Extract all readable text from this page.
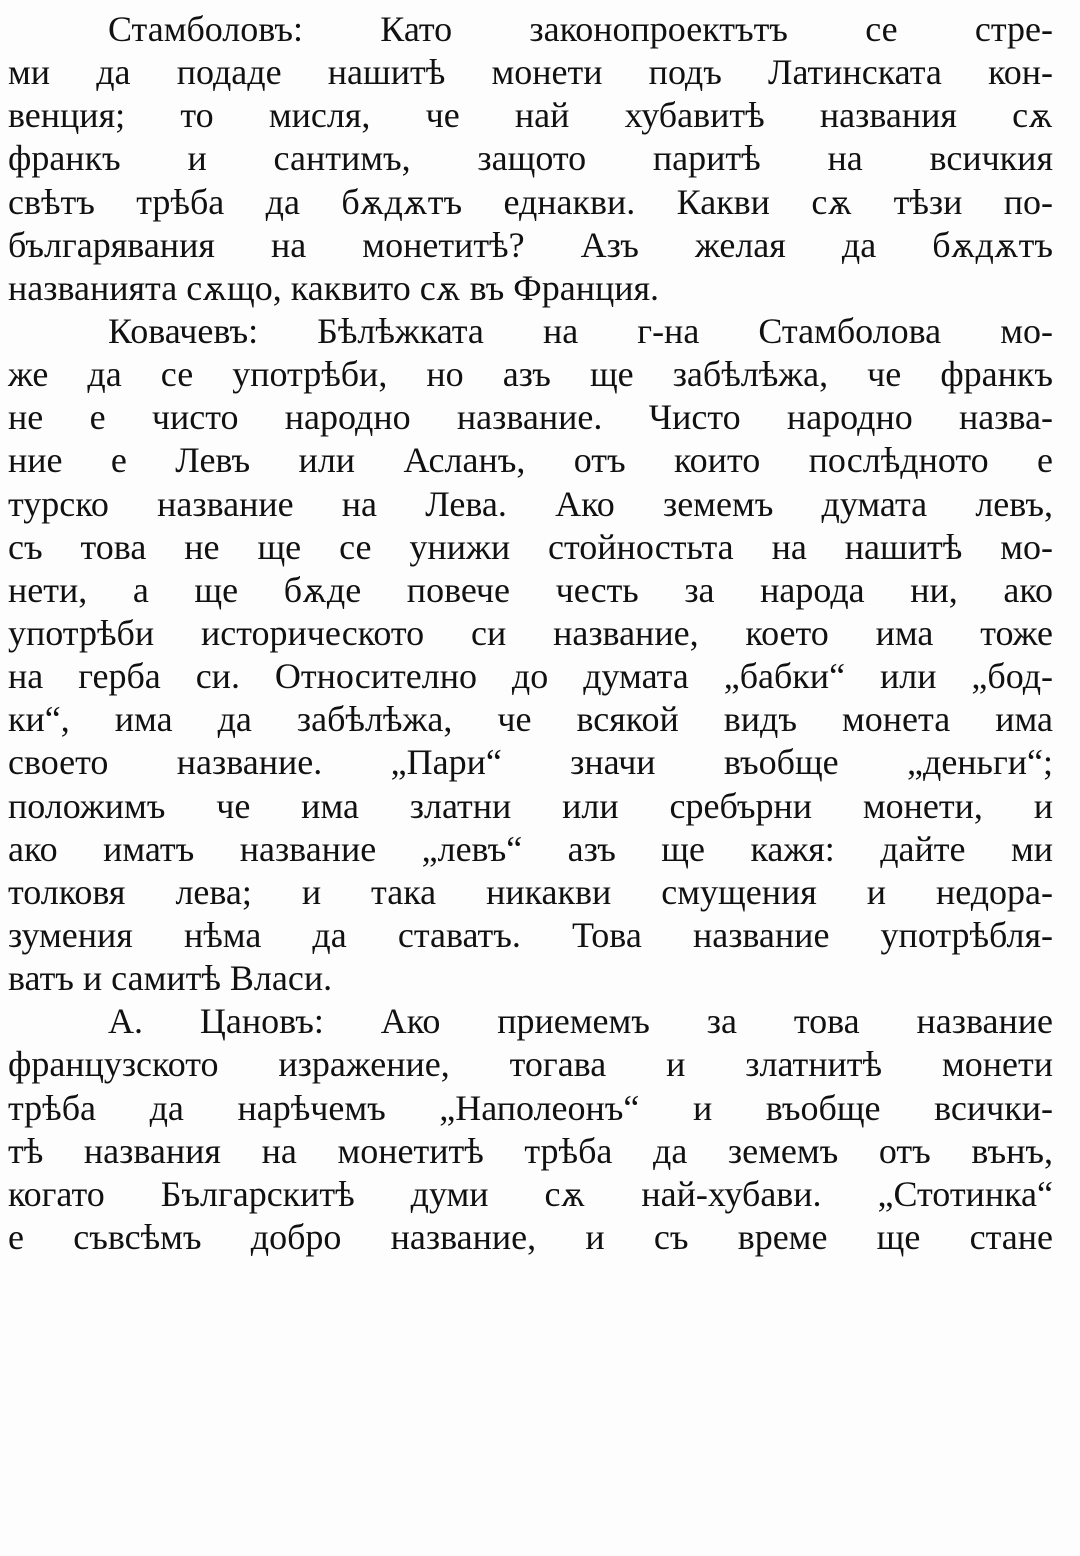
Стамболовъ: Като законопроектътъ се стре-
ми да подаде нашитѣ монети подъ Латинската кон-
венция; то мисля, че най хубавитѣ названия сѫ
франкъ и сантимъ, защото паритѣ на всичкия
свѣтъ трѣба да бѫдѫтъ еднакви. Какви сѫ тѣзи по-
българявания на монетитѣ? Азъ желая да бѫдѫтъ
названията сѫщо, каквито сѫ въ Франция.
Ковачевъ: Бѣлѣжката на г-на Стамболова мо-
же да се употрѣби, но азъ ще забѣлѣжа, че франкъ
не е чисто народно название. Чисто народно назва-
ние е Левъ или Асланъ, отъ които послѣдното е
турско название на Лева. Ако земемъ думата левъ,
съ това не ще се унижи стойностьта на нашитѣ мо-
нети, а ще бѫде повече честь за народа ни, ако
употрѣби историческото си название, което има тоже
на герба си. Относително до думата „бабки“ или „бод-
ки“, има да забѣлѣжа, че всякой видъ монета има
своето название. „Пари“ значи въобще „деньги“;
положимъ че има златни или сребърни монети, и
ако иматъ название „левъ“ азъ ще кажя: дайте ми
толковя лева; и така никакви смущения и недора-
зумения нѣма да ставатъ. Това название употрѣбля-
ватъ и самитѣ Власи.
А. Цановъ: Ако приемемъ за това название
французското изражение, тогава и златнитѣ монети
трѣба да нарѣчемъ „Наполеонъ“ и въобще всички-
тѣ названия на монетитѣ трѣба да земемъ отъ вънъ,
когато Българскитѣ думи сѫ най-хубави. „Стотинка“
е съвсѣмъ добро название, и съ време ще стане
